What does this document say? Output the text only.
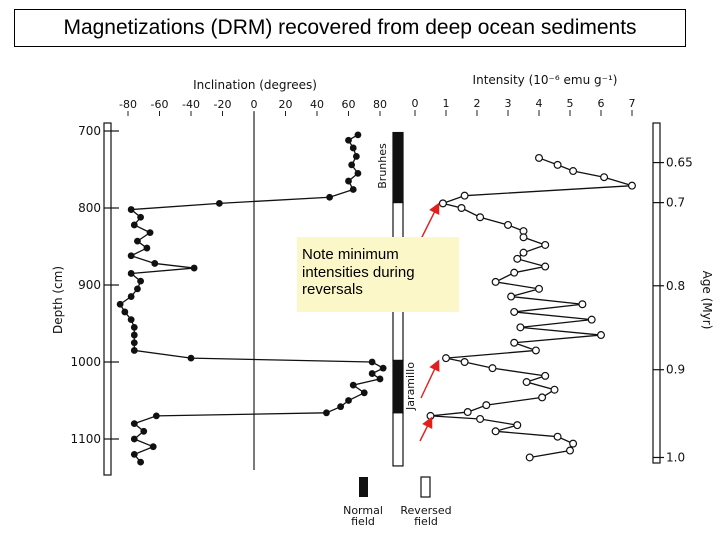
Magnetizations (DRM) recovered from deep ocean sediments
Inclination (degrees)
-80 -60 -40 -20 0 20 40 60 80
Intensity (10⁻⁶ emu g⁻¹)
0 1 2 3 4 5 6 7
700
800
900
1000
1100
Depth (cm)
0.65
0.7
0.8
0.9
1.0
Age (Myr)
Brunhes
Jaramillo
Normal
field
Reversed
field
Note minimum
intensities during
reversals
